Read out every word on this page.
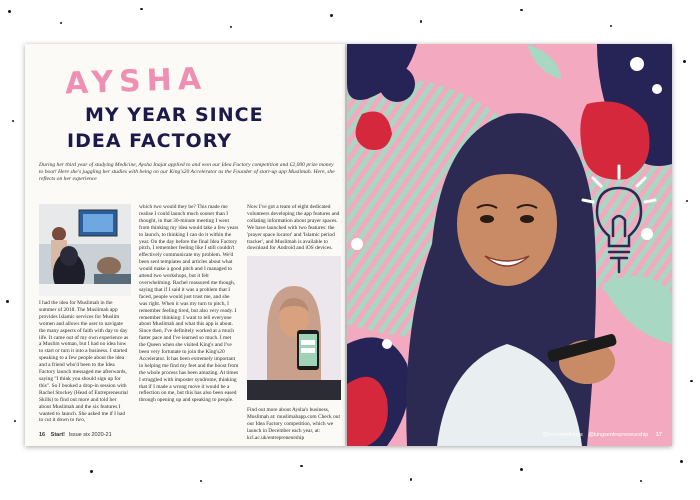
AYSHA
MY YEAR SINCE
IDEA FACTORY
During her third year of studying Medicine, Aysha Inajat applied to and won our Idea Factory competition and £2,000 prize money to boot! Here she's juggling her studies with being on our King's20 Accelerator as the Founder of start-up app Muslimah. Here, she reflects on her experience
I had the idea for Muslimah in the summer of 2018. The Muslimah app provides Islamic services for Muslim women and allows the user to navigate the many aspects of faith with day to day life. It came out of my own experience as a Muslim woman, but I had no idea how to start or turn it into a business. I started speaking to a few people about the idea and a friend who'd been to the Idea Factory launch messaged me afterwards, saying "I think you should sign up for this". So I booked a drop-in session with Rachel Stockey (Head of Entrepreneurial Skills) to find out more and told her about Muslimah and the six features I wanted to launch. She asked me if I had to cut it down to two,
which two would they be? This made me realise I could launch much sooner than I thought, in that 30-minute meeting I went from thinking my idea would take a few years to launch, to thinking I can do it within the year. On the day before the final Idea Factory pitch, I remember feeling like I still couldn't effectively communicate my problem. We'd been sent templates and articles about what would make a good pitch and I managed to attend two workshops, but it felt overwhelming. Rachel reassured me though, saying that if I said it was a problem that I faced, people would just trust me, and she was right. When it was my turn to pitch, I remember feeling tired, but also very ready. I remember thinking: I want to tell everyone about Muslimah and what this app is about. Since then, I've definitely worked at a much faster pace and I've learned so much. I met the Queen when she visited King's and I've been very fortunate to join the King's20 Accelerator. It has been extremely important in helping me find my feet and the boost from the whole process has been amazing. At times I struggled with imposter syndrome, thinking that if I made a wrong move it would be a reflection on me, but this has also been eased through opening up and speaking to people.
Now I've got a team of eight dedicated volunteers developing the app features and collating information about prayer spaces. We have launched with two features: the 'prayer space locator' and 'Islamic period tracker', and Muslimah is available to download for Android and iOS devices.
Find out more about Aysha's business, Muslimah at: muslimahapp.com Check out our Idea Factory competition, which we launch in December each year, at: kcl.ac.uk/entrepreneurship
16 Start! Issue six 2020-21	@InnovateKings @kingsentrepreneurship 17
